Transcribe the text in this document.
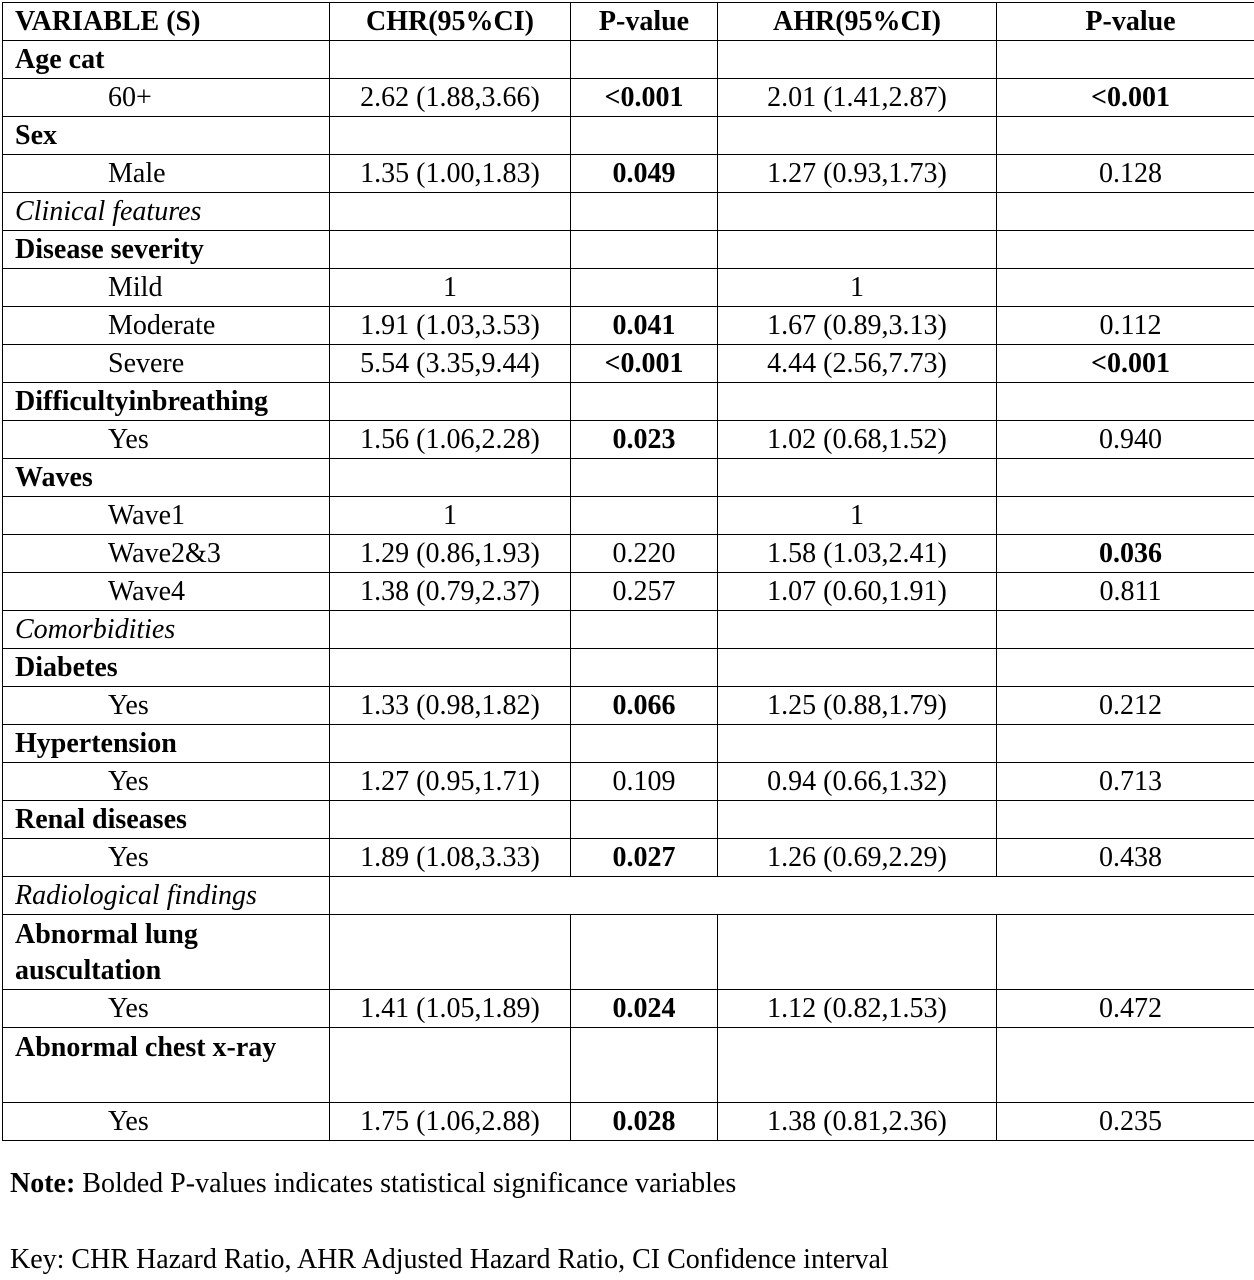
VARIABLE (S)	CHR(95%CI)	P-value	AHR(95%CI)	P-value
Age cat				
60+	2.62 (1.88,3.66)	<0.001	2.01 (1.41,2.87)	<0.001
Sex				
Male	1.35 (1.00,1.83)	0.049	1.27 (0.93,1.73)	0.128
Clinical features				
Disease severity				
Mild	1		1	
Moderate	1.91 (1.03,3.53)	0.041	1.67 (0.89,3.13)	0.112
Severe	5.54 (3.35,9.44)	<0.001	4.44 (2.56,7.73)	<0.001
Difficultyinbreathing				
Yes	1.56 (1.06,2.28)	0.023	1.02 (0.68,1.52)	0.940
Waves				
Wave1	1		1	
Wave2&3	1.29 (0.86,1.93)	0.220	1.58 (1.03,2.41)	0.036
Wave4	1.38 (0.79,2.37)	0.257	1.07 (0.60,1.91)	0.811
Comorbidities				
Diabetes				
Yes	1.33 (0.98,1.82)	0.066	1.25 (0.88,1.79)	0.212
Hypertension				
Yes	1.27 (0.95,1.71)	0.109	0.94 (0.66,1.32)	0.713
Renal diseases				
Yes	1.89 (1.08,3.33)	0.027	1.26 (0.69,2.29)	0.438
Radiological findings				
Abnormal lung auscultation				
Yes	1.41 (1.05,1.89)	0.024	1.12 (0.82,1.53)	0.472
Abnormal chest x-ray				
Yes	1.75 (1.06,2.88)	0.028	1.38 (0.81,2.36)	0.235
Note: Bolded P-values indicates statistical significance variables
Key: CHR Hazard Ratio, AHR Adjusted Hazard Ratio, CI Confidence interval
